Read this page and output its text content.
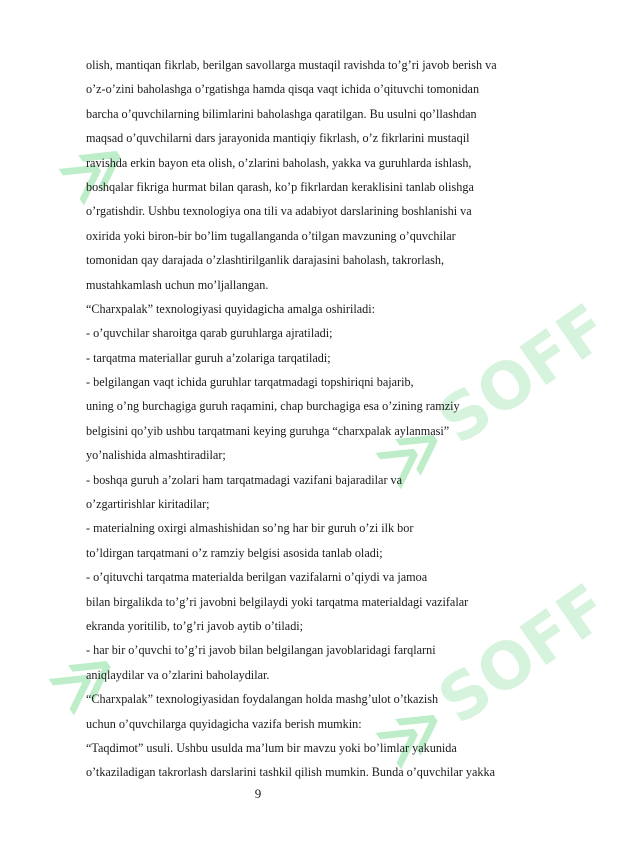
≫
≫SOFF
≫
≫SOFF

olish, mantiqan fikrlab, berilgan savollarga mustaqil ravishda to’g’ri javob berish va

o’z-o’zini baholashga o’rgatishga hamda qisqa vaqt ichida o’qituvchi tomonidan

barcha o’quvchilarning bilimlarini baholashga qaratilgan. Bu usulni qo’llashdan

maqsad o’quvchilarni dars jarayonida mantiqiy fikrlash, o’z fikrlarini mustaqil

ravishda erkin bayon eta olish, o’zlarini baholash, yakka va guruhlarda ishlash,

boshqalar fikriga hurmat bilan qarash, ko’p fikrlardan keraklisini tanlab olishga

o’rgatishdir. Ushbu texnologiya ona tili va adabiyot darslarining boshlanishi va

oxirida yoki biron-bir bo’lim tugallanganda o’tilgan mavzuning o’quvchilar

tomonidan qay darajada o’zlashtirilganlik darajasini baholash, takrorlash,

mustahkamlash uchun mo’ljallangan.

“Charxpalak” texnologiyasi quyidagicha amalga oshiriladi:

- o’quvchilar sharoitga qarab guruhlarga ajratiladi;

- tarqatma materiallar guruh a’zolariga tarqatiladi;

- belgilangan vaqt ichida guruhlar tarqatmadagi topshiriqni bajarib,

uning o’ng burchagiga guruh raqamini, chap burchagiga esa o’zining ramziy

belgisini qo’yib ushbu tarqatmani keying guruhga “charxpalak aylanmasi”

yo’nalishida almashtiradilar;

- boshqa guruh a’zolari ham tarqatmadagi vazifani bajaradilar va

o’zgartirishlar kiritadilar;

- materialning oxirgi almashishidan so’ng har bir guruh o’zi ilk bor

to’ldirgan tarqatmani o’z ramziy belgisi asosida tanlab oladi;

- o’qituvchi tarqatma materialda berilgan vazifalarni o’qiydi va jamoa

bilan birgalikda to’g’ri javobni belgilaydi yoki tarqatma materialdagi vazifalar

ekranda yoritilib, to’g’ri javob aytib o’tiladi;

- har bir o’quvchi to’g’ri javob bilan belgilangan javoblaridagi farqlarni

aniqlaydilar va o’zlarini baholaydilar.

“Charxpalak” texnologiyasidan foydalangan holda mashg’ulot o’tkazish

uchun o’quvchilarga quyidagicha vazifa berish mumkin:

“Taqdimot” usuli. Ushbu usulda ma’lum bir mavzu yoki bo’limlar yakunida

o’tkaziladigan takrorlash darslarini tashkil qilish mumkin. Bunda o’quvchilar yakka

9
